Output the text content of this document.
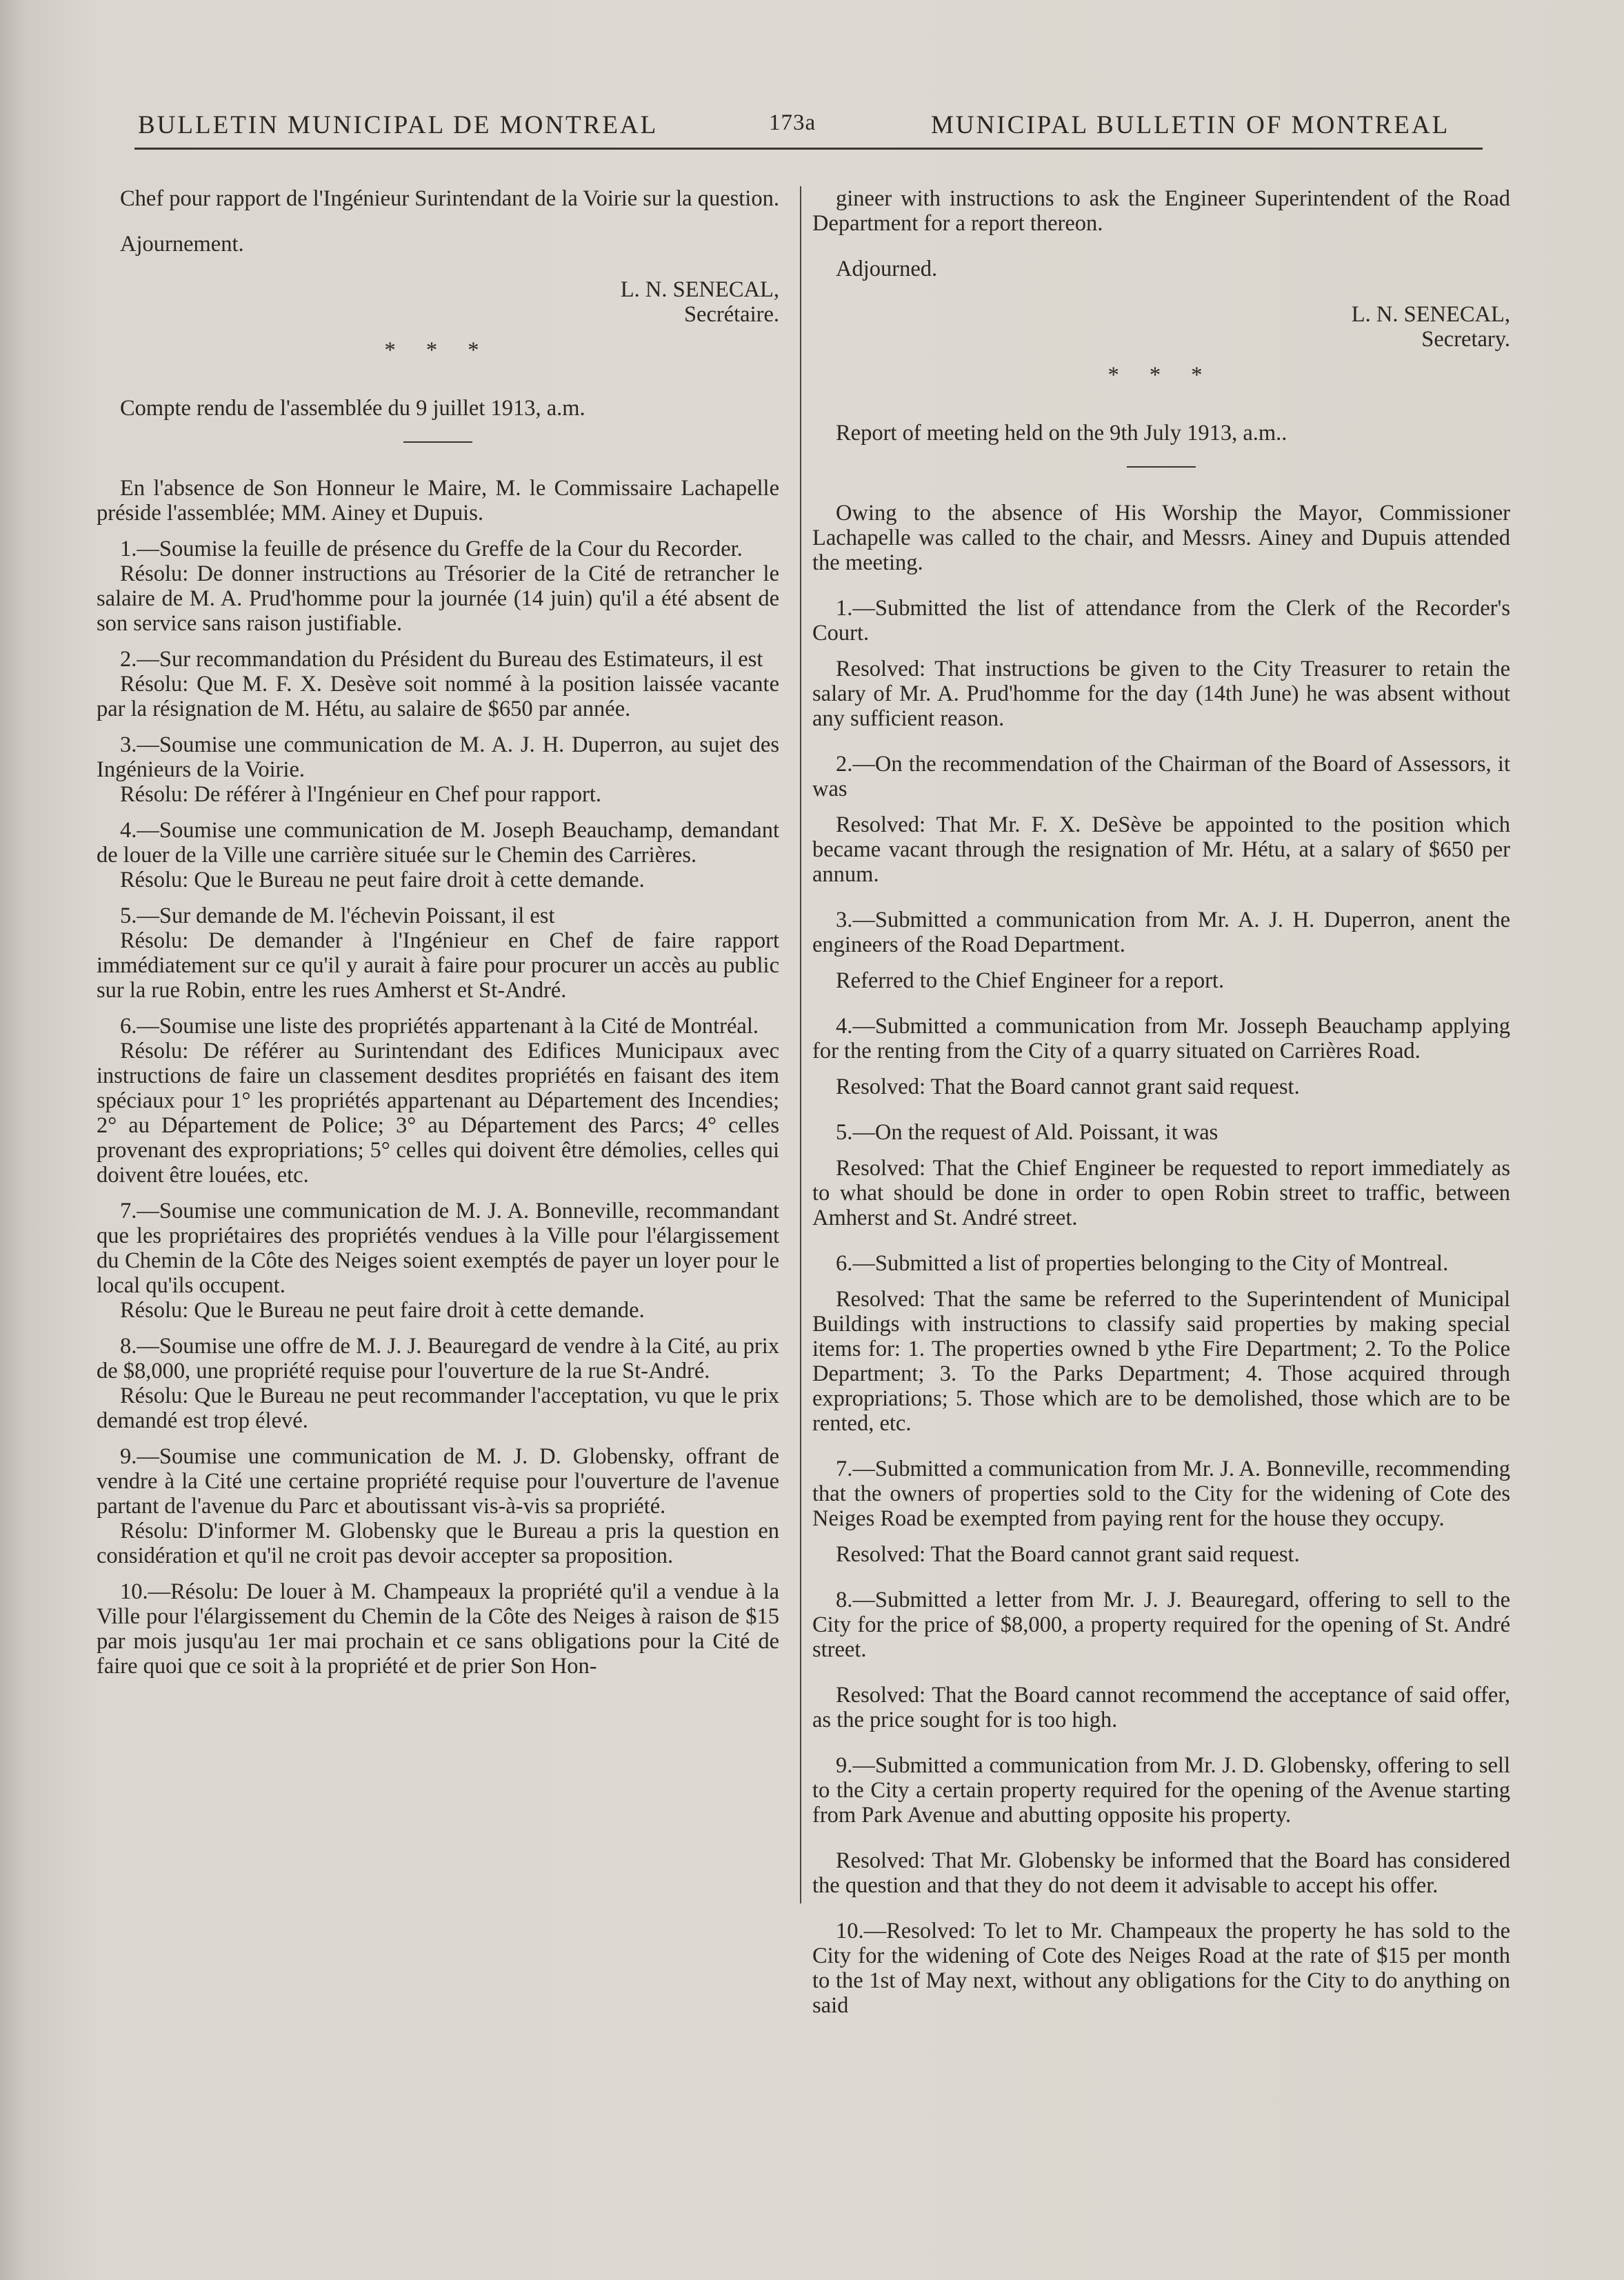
BULLETIN MUNICIPAL DE MONTREAL	173a	MUNICIPAL BULLETIN OF MONTREAL

Chef pour rapport de l'Ingénieur Surintendant de la Voirie sur la question.

Ajournement.

L. N. SENECAL,

Secrétaire.

* * *

Compte rendu de l'assemblée du 9 juillet 1913, a.m.

En l'absence de Son Honneur le Maire, M. le Commissaire Lachapelle préside l'assemblée; MM. Ainey et Dupuis.

1.—Soumise la feuille de présence du Greffe de la Cour du Recorder.

Résolu: De donner instructions au Trésorier de la Cité de retrancher le salaire de M. A. Prud'homme pour la journée (14 juin) qu'il a été absent de son service sans raison justifiable.

2.—Sur recommandation du Président du Bureau des Estimateurs, il est

Résolu: Que M. F. X. Desève soit nommé à la position laissée vacante par la résignation de M. Hétu, au salaire de $650 par année.

3.—Soumise une communication de M. A. J. H. Duperron, au sujet des Ingénieurs de la Voirie.

Résolu: De référer à l'Ingénieur en Chef pour rapport.

4.—Soumise une communication de M. Joseph Beauchamp, demandant de louer de la Ville une carrière située sur le Chemin des Carrières.

Résolu: Que le Bureau ne peut faire droit à cette demande.

5.—Sur demande de M. l'échevin Poissant, il est

Résolu: De demander à l'Ingénieur en Chef de faire rapport immédiatement sur ce qu'il y aurait à faire pour procurer un accès au public sur la rue Robin, entre les rues Amherst et St-André.

6.—Soumise une liste des propriétés appartenant à la Cité de Montréal.

Résolu: De référer au Surintendant des Edifices Municipaux avec instructions de faire un classement desdites propriétés en faisant des item spéciaux pour 1° les propriétés appartenant au Département des Incendies; 2° au Département de Police; 3° au Département des Parcs; 4° celles provenant des expropriations; 5° celles qui doivent être démolies, celles qui doivent être louées, etc.

7.—Soumise une communication de M. J. A. Bonneville, recommandant que les propriétaires des propriétés vendues à la Ville pour l'élargissement du Chemin de la Côte des Neiges soient exemptés de payer un loyer pour le local qu'ils occupent.

Résolu: Que le Bureau ne peut faire droit à cette demande.

8.—Soumise une offre de M. J. J. Beauregard de vendre à la Cité, au prix de $8,000, une propriété requise pour l'ouverture de la rue St-André.

Résolu: Que le Bureau ne peut recommander l'acceptation, vu que le prix demandé est trop élevé.

9.—Soumise une communication de M. J. D. Globensky, offrant de vendre à la Cité une certaine propriété requise pour l'ouverture de l'avenue partant de l'avenue du Parc et aboutissant vis-à-vis sa propriété.

Résolu: D'informer M. Globensky que le Bureau a pris la question en considération et qu'il ne croit pas devoir accepter sa proposition.

10.—Résolu: De louer à M. Champeaux la propriété qu'il a vendue à la Ville pour l'élargissement du Chemin de la Côte des Neiges à raison de $15 par mois jusqu'au 1er mai prochain et ce sans obligations pour la Cité de faire quoi que ce soit à la propriété et de prier Son Hon-

gineer with instructions to ask the Engineer Superintendent of the Road Department for a report thereon.

Adjourned.

L. N. SENECAL,

Secretary.

* * *

Report of meeting held on the 9th July 1913, a.m..

Owing to the absence of His Worship the Mayor, Commissioner Lachapelle was called to the chair, and Messrs. Ainey and Dupuis attended the meeting.

1.—Submitted the list of attendance from the Clerk of the Recorder's Court.

Resolved: That instructions be given to the City Treasurer to retain the salary of Mr. A. Prud'homme for the day (14th June) he was absent without any sufficient reason.

2.—On the recommendation of the Chairman of the Board of Assessors, it was

Resolved: That Mr. F. X. DeSève be appointed to the position which became vacant through the resignation of Mr. Hétu, at a salary of $650 per annum.

3.—Submitted a communication from Mr. A. J. H. Duperron, anent the engineers of the Road Department.

Referred to the Chief Engineer for a report.

4.—Submitted a communication from Mr. Josseph Beauchamp applying for the renting from the City of a quarry situated on Carrières Road.

Resolved: That the Board cannot grant said request.

5.—On the request of Ald. Poissant, it was

Resolved: That the Chief Engineer be requested to report immediately as to what should be done in order to open Robin street to traffic, between Amherst and St. André street.

6.—Submitted a list of properties belonging to the City of Montreal.

Resolved: That the same be referred to the Superintendent of Municipal Buildings with instructions to classify said properties by making special items for: 1. The properties owned b ythe Fire Department; 2. To the Police Department; 3. To the Parks Department; 4. Those acquired through expropriations; 5. Those which are to be demolished, those which are to be rented, etc.

7.—Submitted a communication from Mr. J. A. Bonneville, recommending that the owners of properties sold to the City for the widening of Cote des Neiges Road be exempted from paying rent for the house they occupy.

Resolved: That the Board cannot grant said request.

8.—Submitted a letter from Mr. J. J. Beauregard, offering to sell to the City for the price of $8,000, a property required for the opening of St. André street.

Resolved: That the Board cannot recommend the acceptance of said offer, as the price sought for is too high.

9.—Submitted a communication from Mr. J. D. Globensky, offering to sell to the City a certain property required for the opening of the Avenue starting from Park Avenue and abutting opposite his property.

Resolved: That Mr. Globensky be informed that the Board has considered the question and that they do not deem it advisable to accept his offer.

10.—Resolved: To let to Mr. Champeaux the property he has sold to the City for the widening of Cote des Neiges Road at the rate of $15 per month to the 1st of May next, without any obligations for the City to do anything on said
